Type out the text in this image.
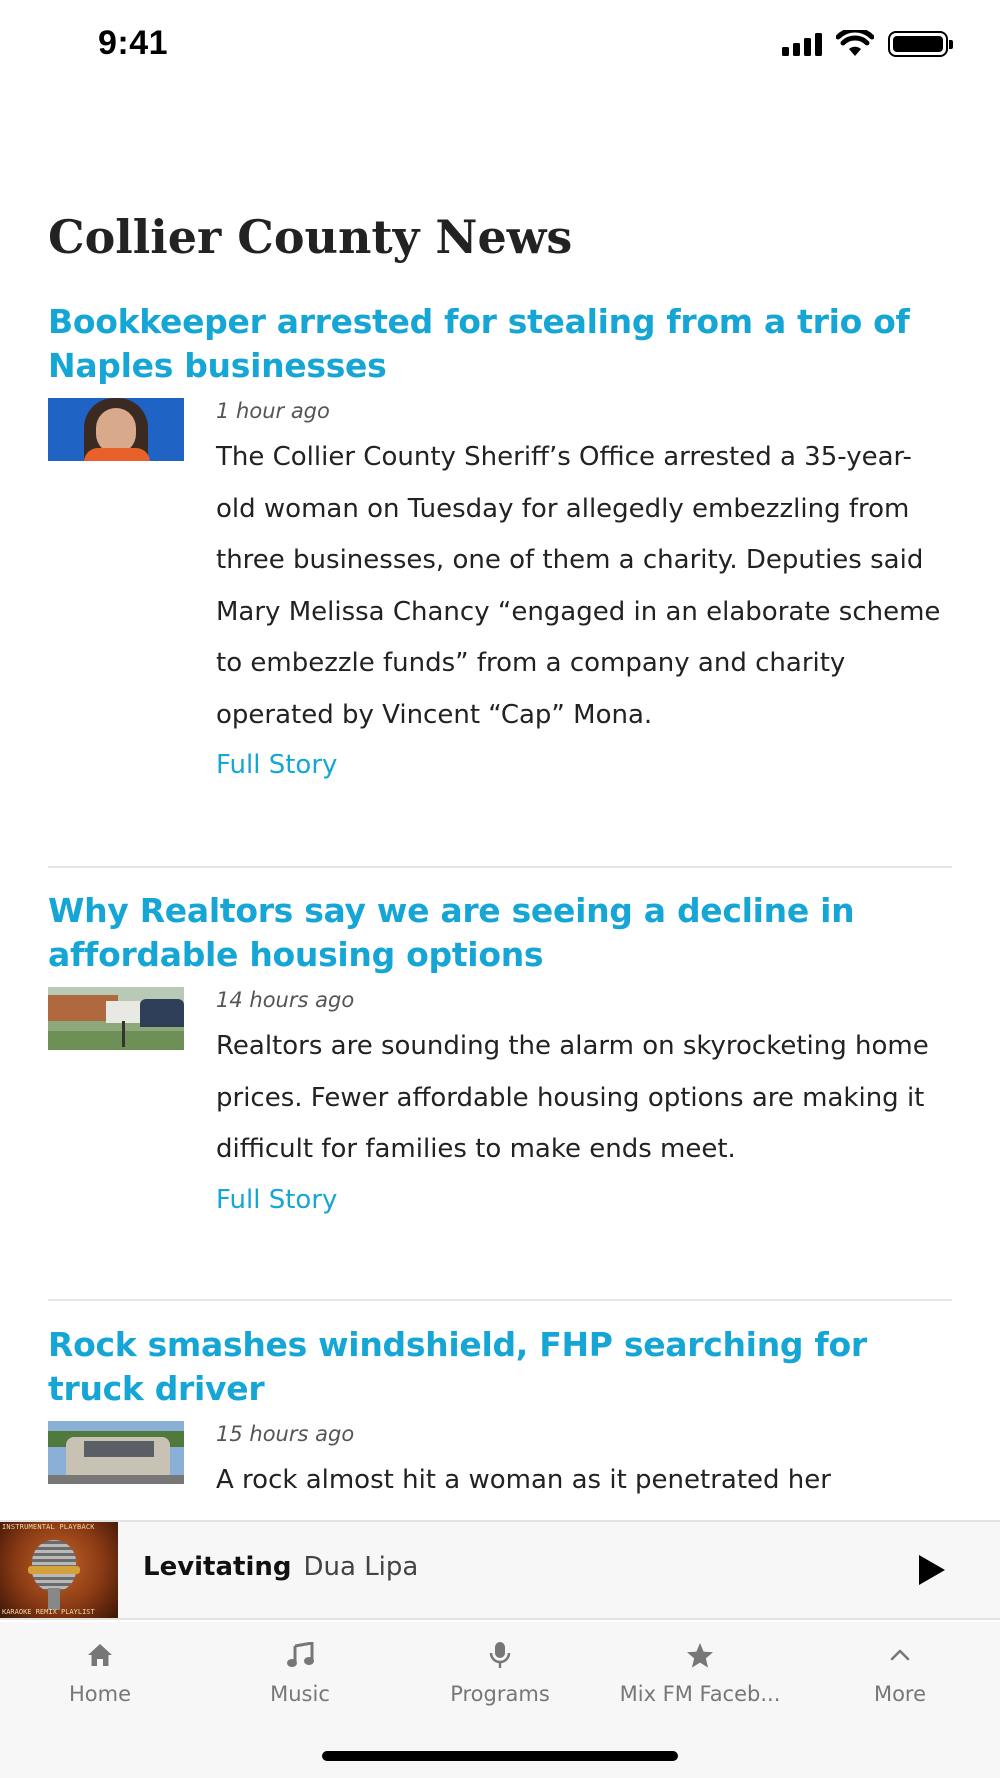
9:41
Collier County News
Bookkeeper arrested for stealing from a trio of Naples businesses
1 hour ago

The Collier County Sheriff’s Office arrested a 35-year-old woman on Tuesday for allegedly embezzling from three businesses, one of them a charity. Deputies said Mary Melissa Chancy “engaged in an elaborate scheme to embezzle funds” from a company and charity operated by Vincent “Cap” Mona.

Full Story
Why Realtors say we are seeing a decline in affordable housing options
14 hours ago

Realtors are sounding the alarm on skyrocketing home prices. Fewer affordable housing options are making it difficult for families to make ends meet.

Full Story
Rock smashes windshield, FHP searching for truck driver
15 hours ago

A rock almost hit a woman as it penetrated her

INSTRUMENTAL PLAYBACK
KARAOKE REMIX PLAYLIST
Levitating Dua Lipa
Home	Music	Programs	Mix FM Faceb...	More
